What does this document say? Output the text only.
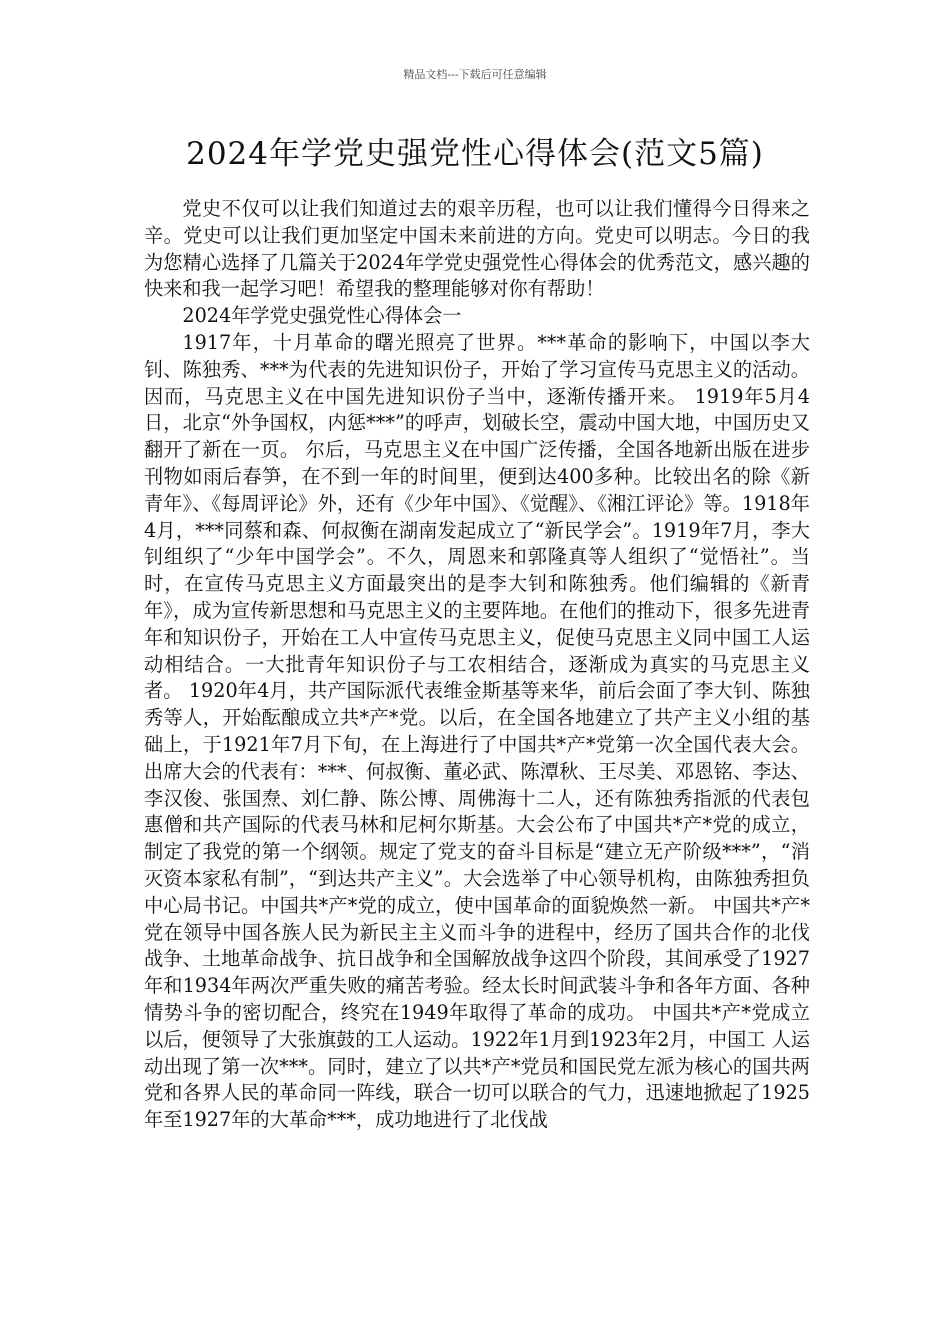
精品文档---下载后可任意编辑
2024年学党史强党性心得体会(范文5篇)

党史不仅可以让我们知道过去的艰辛历程，也可以让我们懂得今日得来之辛。党史可以让我们更加坚定中国未来前进的方向。党史可以明志。今日的我为您精心选择了几篇关于2024年学党史强党性心得体会的优秀范文，感兴趣的快来和我一起学习吧！希望我的整理能够对你有帮助！

2024年学党史强党性心得体会一

1917年，十月革命的曙光照亮了世界。***革命的影响下，中国以李大钊、陈独秀、***为代表的先进知识份子，开始了学习宣传马克思主义的活动。因而，马克思主义在中国先进知识份子当中，逐渐传播开来。 1919年5月4日，北京“外争国权，内惩***”的呼声，划破长空，震动中国大地，中国历史又翻开了新在一页。 尔后，马克思主义在中国广泛传播，全国各地新出版在进步刊物如雨后春笋，在不到一年的时间里，便到达400多种。比较出名的除《新青年》、《每周评论》外，还有《少年中国》、《觉醒》、《湘江评论》等。1918年4月，***同蔡和森、何叔衡在湖南发起成立了“新民学会”。1919年7月，李大钊组织了“少年中国学会”。不久，周恩来和郭隆真等人组织了“觉悟社”。当时，在宣传马克思主义方面最突出的是李大钊和陈独秀。他们编辑的《新青年》，成为宣传新思想和马克思主义的主要阵地。在他们的推动下，很多先进青年和知识份子，开始在工人中宣传马克思主义，促使马克思主义同中国工人运动相结合。一大批青年知识份子与工农相结合，逐渐成为真实的马克思主义者。 1920年4月，共产国际派代表维金斯基等来华，前后会面了李大钊、陈独秀等人，开始酝酿成立共*产*党。以后，在全国各地建立了共产主义小组的基础上，于1921年7月下旬，在上海进行了中国共*产*党第一次全国代表大会。出席大会的代表有：***、何叔衡、董必武、陈潭秋、王尽美、邓恩铭、李达、李汉俊、张国焘、刘仁静、陈公博、周佛海十二人，还有陈独秀指派的代表包惠僧和共产国际的代表马林和尼柯尔斯基。大会公布了中国共*产*党的成立，制定了我党的第一个纲领。规定了党支的奋斗目标是“建立无产阶级***”，“消灭资本家私有制”，“到达共产主义”。大会选举了中心领导机构，由陈独秀担负中心局书记。中国共*产*党的成立，使中国革命的面貌焕然一新。 中国共*产*党在领导中国各族人民为新民主主义而斗争的进程中，经历了国共合作的北伐战争、土地革命战争、抗日战争和全国解放战争这四个阶段，其间承受了1927年和1934年两次严重失败的痛苦考验。经太长时间武装斗争和各年方面、各种情势斗争的密切配合，终究在1949年取得了革命的成功。 中国共*产*党成立以后，便领导了大张旗鼓的工人运动。1922年1月到1923年2月，中国工 人运动出现了第一次***。同时，建立了以共*产*党员和国民党左派为核心的国共两党和各界人民的革命同一阵线，联合一切可以联合的气力，迅速地掀起了1925年至1927年的大革命***，成功地进行了北伐战
